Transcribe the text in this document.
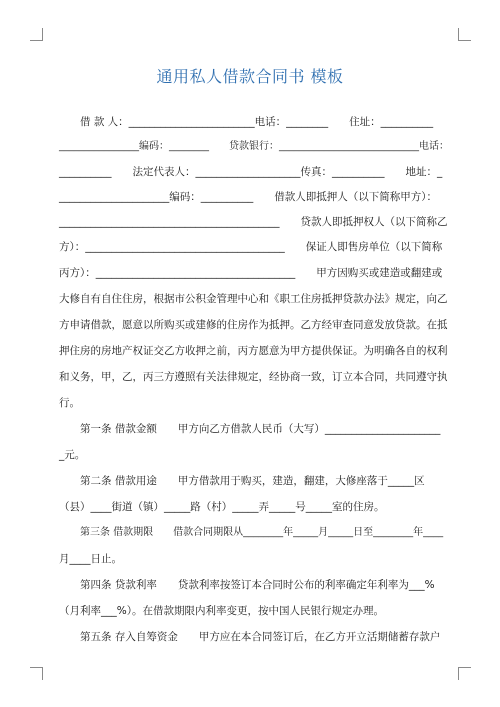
通用私人借款合同书 模板
借 款 人：________________________电话：________　　住址：__________
________________编码：________　　贷款银行：____________________________电话：
__________　　法定代表人：____________________传真：__________　　地址：_
_____________________编码：__________　　借款人即抵押人（以下简称甲方）：
__________________________________________　　贷款人即抵押权人（以下简称乙
方）：______________________________________　　保证人即售房单位（以下简称
丙方）：______________________________________　　甲方因购买或建造或翻建或
大修自有自住住房，根据市公积金管理中心和《职工住房抵押贷款办法》规定，向乙
方申请借款，愿意以所购买或建修的住房作为抵押。乙方经审查同意发放贷款。在抵
押住房的房地产权证交乙方收押之前，丙方愿意为甲方提供保证。为明确各自的权利
和义务，甲，乙，丙三方遵照有关法律规定，经协商一致，订立本合同，共同遵守执
行。
第一条 借款金额　　甲方向乙方借款人民币（大写）______________________
_元。
第二条 借款用途　　甲方借款用于购买，建造，翻建，大修座落于_____区
（县）____街道（镇）_____路（村）_____弄_____号_____室的住房。
第三条 借款期限　　借款合同期限从________年_____月_____日至________年____
月____日止。
第四条 贷款利率　　贷款利率按签订本合同时公布的利率确定年利率为___%
（月利率___%）。在借款期限内利率变更，按中国人民银行规定办理。
第五条 存入自筹资金　　甲方应在本合同签订后，在乙方开立活期储蓄存款户
